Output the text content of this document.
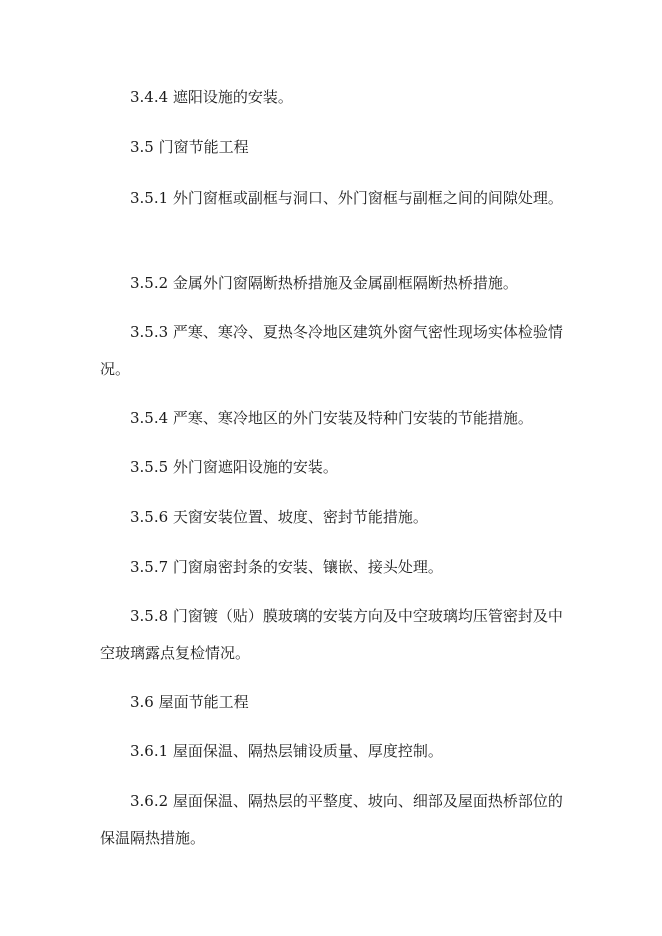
3.4.4 遮阳设施的安装。

3.5 门窗节能工程

3.5.1 外门窗框或副框与洞口、外门窗框与副框之间的间隙处理。

3.5.2 金属外门窗隔断热桥措施及金属副框隔断热桥措施。

3.5.3 严寒、寒冷、夏热冬冷地区建筑外窗气密性现场实体检验情况。

3.5.4 严寒、寒冷地区的外门安装及特种门安装的节能措施。

3.5.5 外门窗遮阳设施的安装。

3.5.6 天窗安装位置、坡度、密封节能措施。

3.5.7 门窗扇密封条的安装、镶嵌、接头处理。

3.5.8 门窗镀（贴）膜玻璃的安装方向及中空玻璃均压管密封及中空玻璃露点复检情况。

3.6 屋面节能工程

3.6.1 屋面保温、隔热层铺设质量、厚度控制。

3.6.2 屋面保温、隔热层的平整度、坡向、细部及屋面热桥部位的保温隔热措施。
